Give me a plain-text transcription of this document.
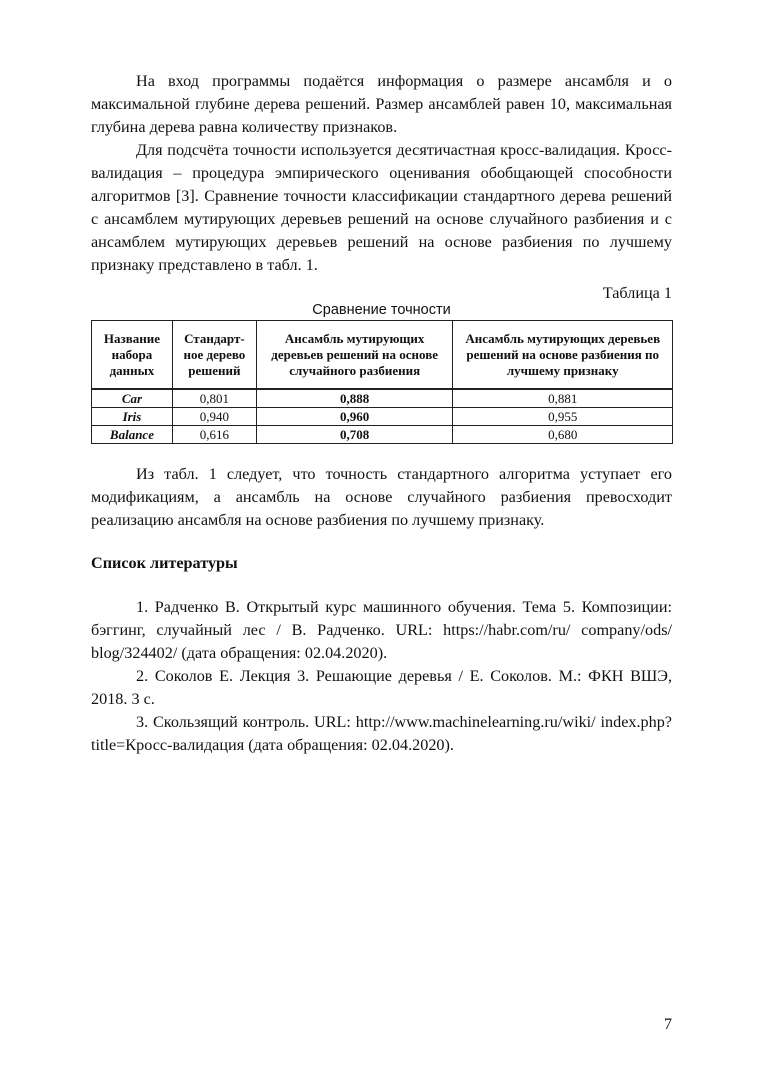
На вход программы подаётся информация о размере ансамбля и о максимальной глубине дерева решений. Размер ансамблей равен 10, максимальная глубина дерева равна количеству признаков.

Для подсчёта точности используется десятичастная кросс-валидация. Кросс-валидация – процедура эмпирического оценивания обобщающей способности алгоритмов [3]. Сравнение точности классификации стандартного дерева решений с ансамблем мутирующих деревьев решений на основе случайного разбиения и с ансамблем мутирующих деревьев решений на основе разбиения по лучшему признаку представлено в табл. 1.

Таблица 1
Сравнение точности
Название набора данных	Стандарт-ное дерево решений	Ансамбль мутирующих деревьев решений на основе случайного разбиения	Ансамбль мутирующих деревьев решений на основе разбиения по лучшему признаку
Car	0,801	0,888	0,881
Iris	0,940	0,960	0,955
Balance	0,616	0,708	0,680

Из табл. 1 следует, что точность стандартного алгоритма уступает его модификациям, а ансамбль на основе случайного разбиения превосходит реализацию ансамбля на основе разбиения по лучшему признаку.

Список литературы

1. Радченко В. Открытый курс машинного обучения. Тема 5. Композиции: бэггинг, случайный лес / В. Радченко. URL: https://habr.com/ru/ company/ods/ blog/324402/ (дата обращения: 02.04.2020).

2. Соколов Е. Лекция 3. Решающие деревья / Е. Соколов. М.: ФКН ВШЭ, 2018. 3 с.

3. Скользящий контроль. URL: http://www.machinelearning.ru/wiki/ index.php?title=Кросс-валидация (дата обращения: 02.04.2020).

7
